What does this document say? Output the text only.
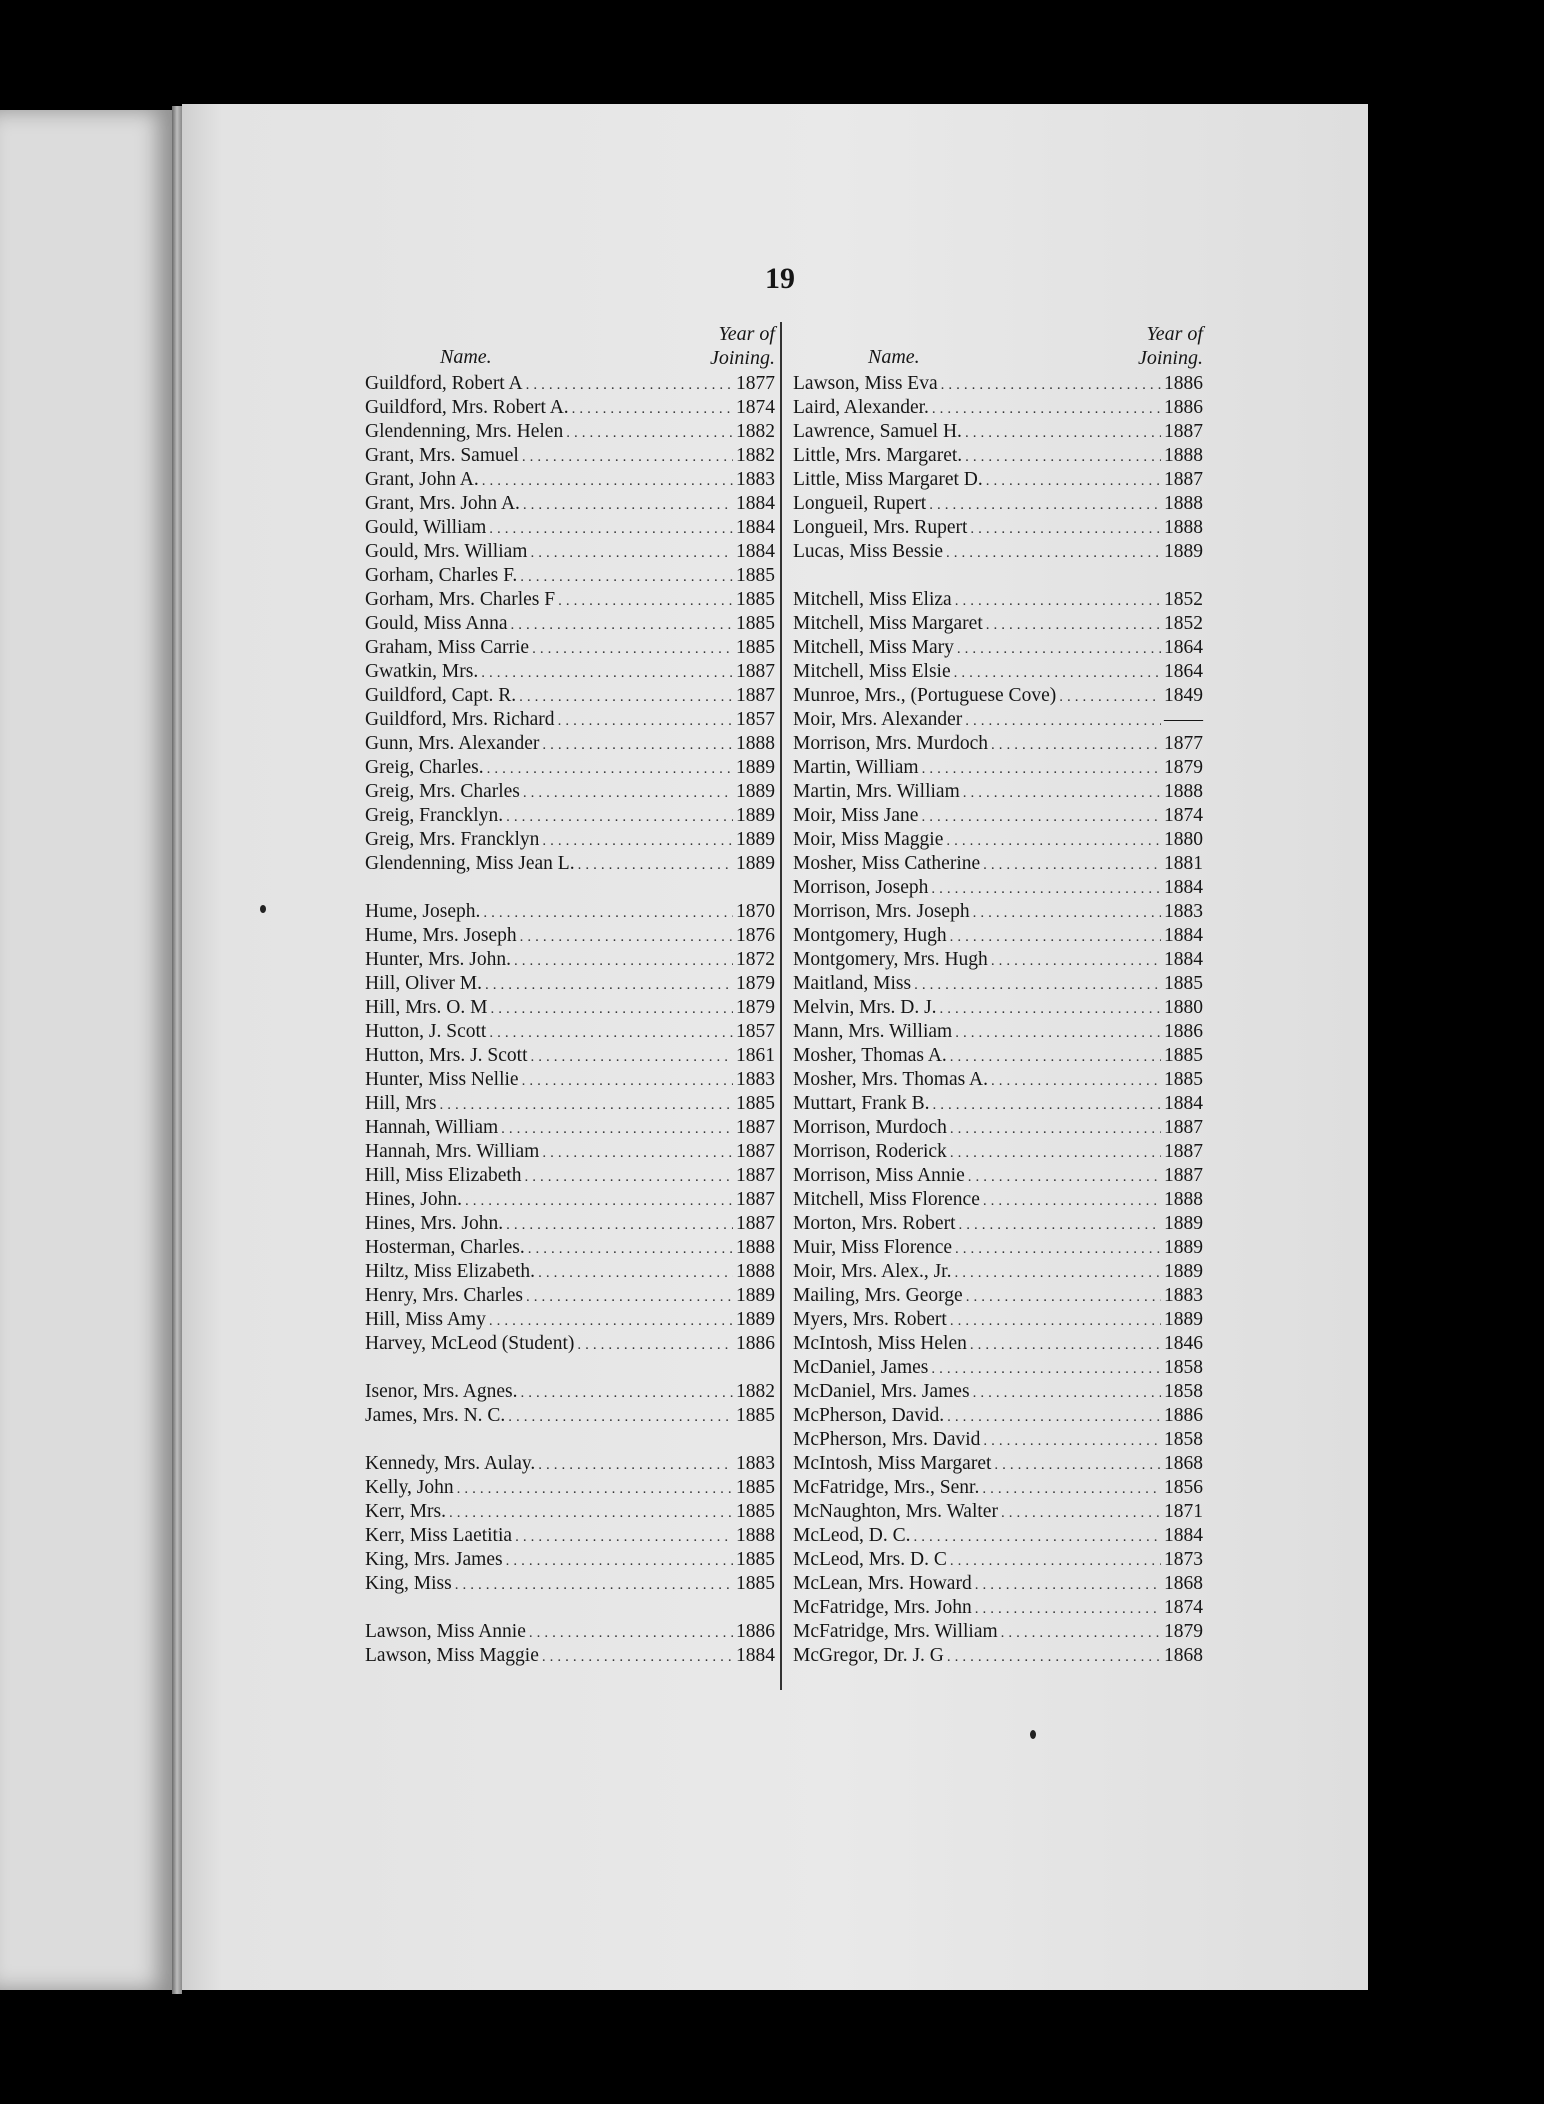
19
Name.
Year of
Joining.
Guildford, Robert A .....	1877
Guildford, Mrs. Robert A. .....	1874
Glendenning, Mrs. Helen .....	1882
Grant, Mrs. Samuel .....	1882
Grant, John A. .....	1883
Grant, Mrs. John A. .....	1884
Gould, William .....	1884
Gould, Mrs. William .....	1884
Gorham, Charles F. .....	1885
Gorham, Mrs. Charles F .....	1885
Gould, Miss Anna .....	1885
Graham, Miss Carrie .....	1885
Gwatkin, Mrs. .....	1887
Guildford, Capt. R. .....	1887
Guildford, Mrs. Richard .....	1857
Gunn, Mrs. Alexander .....	1888
Greig, Charles. .....	1889
Greig, Mrs. Charles .....	1889
Greig, Francklyn. .....	1889
Greig, Mrs. Francklyn .....	1889
Glendenning, Miss Jean L. .....	1889
Hume, Joseph. .....	1870
Hume, Mrs. Joseph .....	1876
Hunter, Mrs. John. .....	1872
Hill, Oliver M. .....	1879
Hill, Mrs. O. M .....	1879
Hutton, J. Scott .....	1857
Hutton, Mrs. J. Scott .....	1861
Hunter, Miss Nellie .....	1883
Hill, Mrs .....	1885
Hannah, William .....	1887
Hannah, Mrs. William .....	1887
Hill, Miss Elizabeth .....	1887
Hines, John. .....	1887
Hines, Mrs. John. .....	1887
Hosterman, Charles. .....	1888
Hiltz, Miss Elizabeth. .....	1888
Henry, Mrs. Charles .....	1889
Hill, Miss Amy .....	1889
Harvey, McLeod (Student) .....	1886
Isenor, Mrs. Agnes. .....	1882
James, Mrs. N. C. .....	1885
Kennedy, Mrs. Aulay. .....	1883
Kelly, John .....	1885
Kerr, Mrs. .....	1885
Kerr, Miss Laetitia .....	1888
King, Mrs. James .....	1885
King, Miss .....	1885
Lawson, Miss Annie .....	1886
Lawson, Miss Maggie .....	1884
Name.
Year of
Joining.
Lawson, Miss Eva .....	1886
Laird, Alexander. .....	1886
Lawrence, Samuel H. .....	1887
Little, Mrs. Margaret. .....	1888
Little, Miss Margaret D. .....	1887
Longueil, Rupert .....	1888
Longueil, Mrs. Rupert .....	1888
Lucas, Miss Bessie .....	1889
Mitchell, Miss Eliza .....	1852
Mitchell, Miss Margaret .....	1852
Mitchell, Miss Mary .....	1864
Mitchell, Miss Elsie .....	1864
Munroe, Mrs., (Portuguese Cove) .....	1849
Moir, Mrs. Alexander .....	——
Morrison, Mrs. Murdoch .....	1877
Martin, William .....	1879
Martin, Mrs. William .....	1888
Moir, Miss Jane .....	1874
Moir, Miss Maggie .....	1880
Mosher, Miss Catherine .....	1881
Morrison, Joseph .....	1884
Morrison, Mrs. Joseph .....	1883
Montgomery, Hugh .....	1884
Montgomery, Mrs. Hugh .....	1884
Maitland, Miss .....	1885
Melvin, Mrs. D. J. .....	1880
Mann, Mrs. William .....	1886
Mosher, Thomas A. .....	1885
Mosher, Mrs. Thomas A. .....	1885
Muttart, Frank B. .....	1884
Morrison, Murdoch .....	1887
Morrison, Roderick .....	1887
Morrison, Miss Annie .....	1887
Mitchell, Miss Florence .....	1888
Morton, Mrs. Robert .....	1889
Muir, Miss Florence .....	1889
Moir, Mrs. Alex., Jr. .....	1889
Mailing, Mrs. George .....	1883
Myers, Mrs. Robert .....	1889
McIntosh, Miss Helen .....	1846
McDaniel, James .....	1858
McDaniel, Mrs. James .....	1858
McPherson, David. .....	1886
McPherson, Mrs. David .....	1858
McIntosh, Miss Margaret .....	1868
McFatridge, Mrs., Senr. .....	1856
McNaughton, Mrs. Walter .....	1871
McLeod, D. C. .....	1884
McLeod, Mrs. D. C .....	1873
McLean, Mrs. Howard .....	1868
McFatridge, Mrs. John .....	1874
McFatridge, Mrs. William .....	1879
McGregor, Dr. J. G .....	1868
